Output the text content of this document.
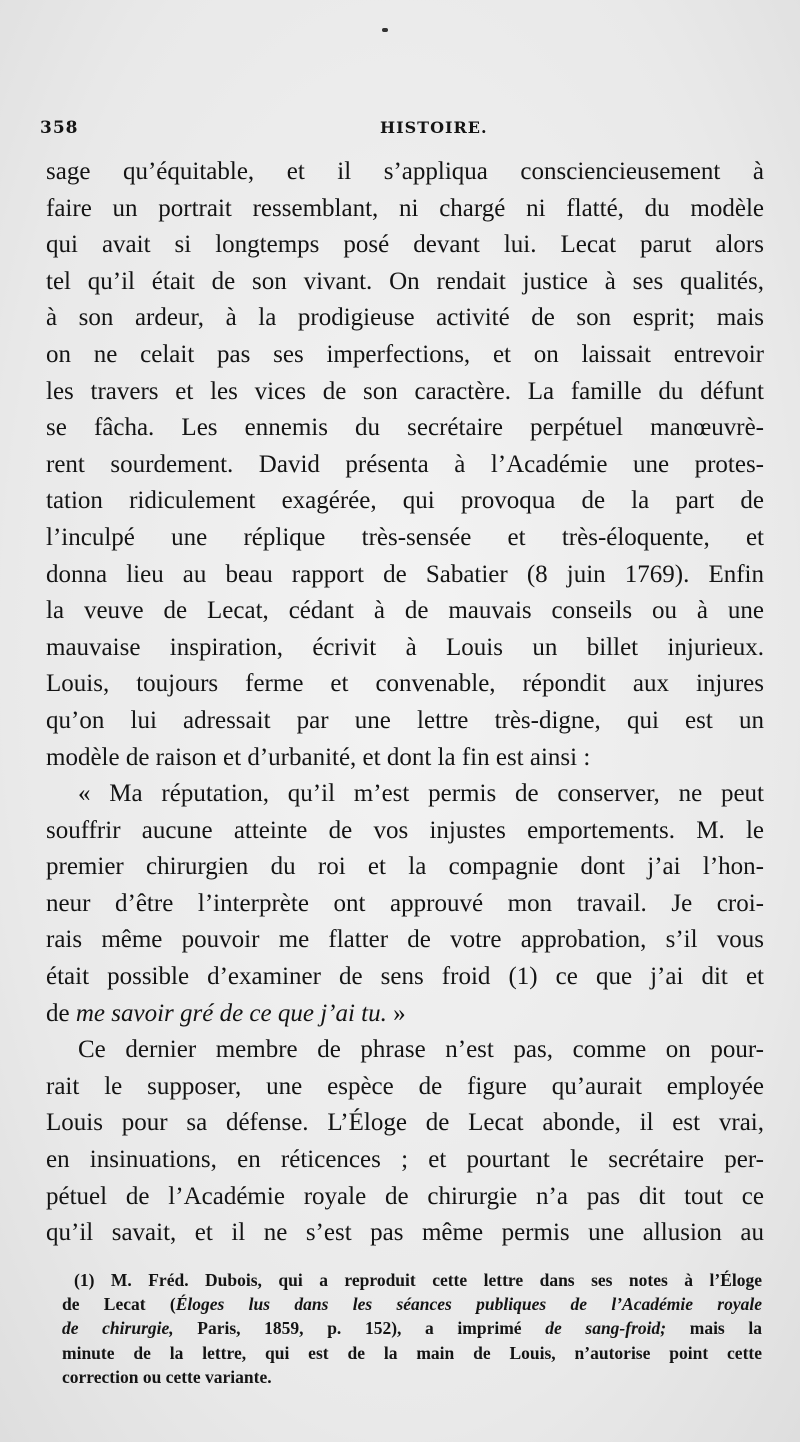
358	HISTOIRE.
sage qu’équitable, et il s’appliqua consciencieusement à
faire un portrait ressemblant, ni chargé ni flatté, du modèle
qui avait si longtemps posé devant lui. Lecat parut alors
tel qu’il était de son vivant. On rendait justice à ses qualités,
à son ardeur, à la prodigieuse activité de son esprit; mais
on ne celait pas ses imperfections, et on laissait entrevoir
les travers et les vices de son caractère. La famille du défunt
se fâcha. Les ennemis du secrétaire perpétuel manœuvrè-
rent sourdement. David présenta à l’Académie une protes-
tation ridiculement exagérée, qui provoqua de la part de
l’inculpé une réplique très-sensée et très-éloquente, et
donna lieu au beau rapport de Sabatier (8 juin 1769). Enfin
la veuve de Lecat, cédant à de mauvais conseils ou à une
mauvaise inspiration, écrivit à Louis un billet injurieux.
Louis, toujours ferme et convenable, répondit aux injures
qu’on lui adressait par une lettre très-digne, qui est un
modèle de raison et d’urbanité, et dont la fin est ainsi :
« Ma réputation, qu’il m’est permis de conserver, ne peut
souffrir aucune atteinte de vos injustes emportements. M. le
premier chirurgien du roi et la compagnie dont j’ai l’hon-
neur d’être l’interprète ont approuvé mon travail. Je croi-
rais même pouvoir me flatter de votre approbation, s’il vous
était possible d’examiner de sens froid (1) ce que j’ai dit et
de me savoir gré de ce que j’ai tu. »
Ce dernier membre de phrase n’est pas, comme on pour-
rait le supposer, une espèce de figure qu’aurait employée
Louis pour sa défense. L’Éloge de Lecat abonde, il est vrai,
en insinuations, en réticences ; et pourtant le secrétaire per-
pétuel de l’Académie royale de chirurgie n’a pas dit tout ce
qu’il savait, et il ne s’est pas même permis une allusion au
(1) M. Fréd. Dubois, qui a reproduit cette lettre dans ses notes à l’Éloge
de Lecat (Éloges lus dans les séances publiques de l’Académie royale
de chirurgie, Paris, 1859, p. 152), a imprimé de sang-froid; mais la
minute de la lettre, qui est de la main de Louis, n’autorise point cette
correction ou cette variante.
